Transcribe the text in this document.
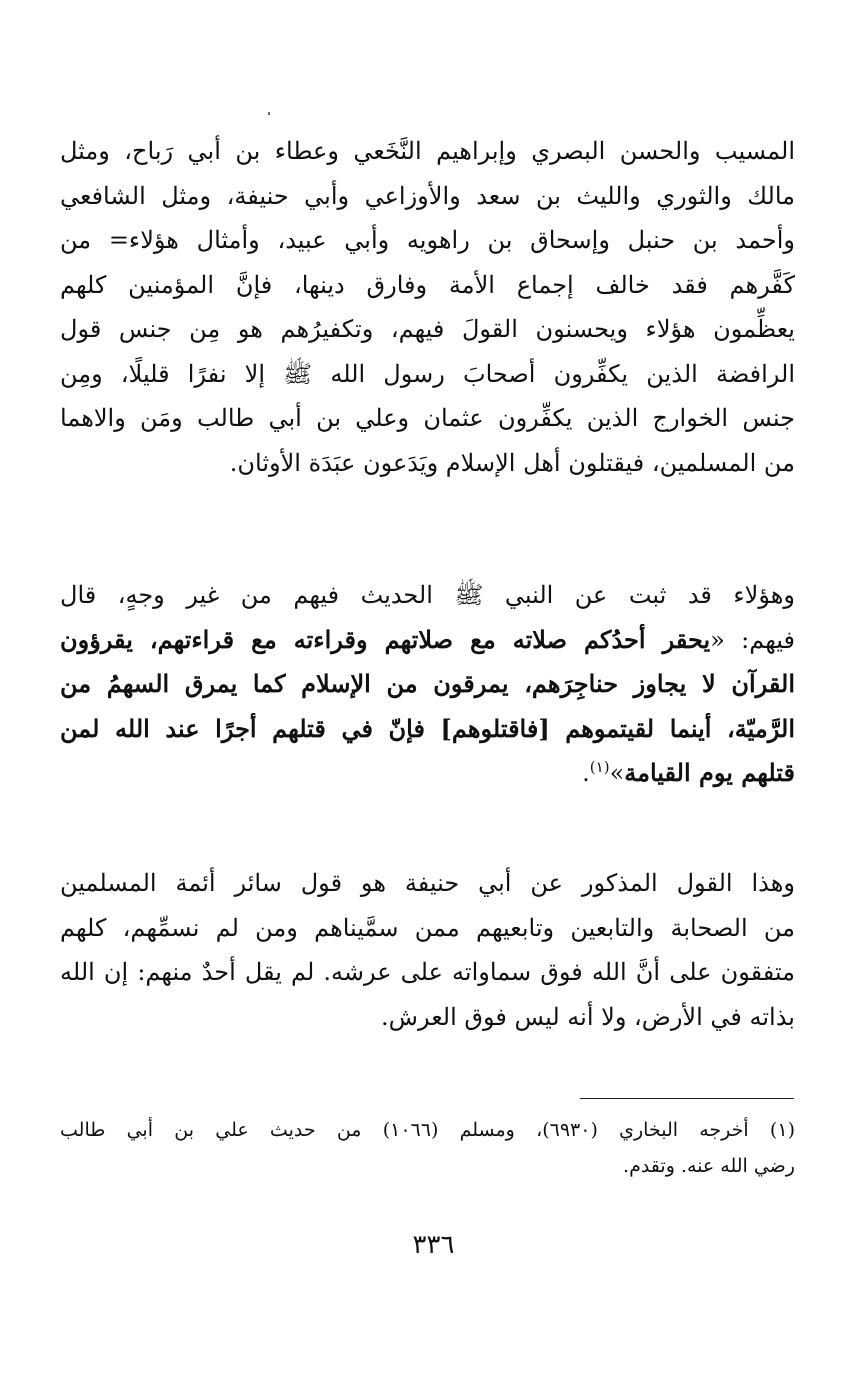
المسيب والحسن البصري وإبراهيم النَّخَعي وعطاء بن أبي رَباح، ومثل
مالك والثوري والليث بن سعد والأوزاعي وأبي حنيفة، ومثل الشافعي
وأحمد بن حنبل وإسحاق بن راهويه وأبي عبيد، وأمثال هؤلاء= من
كَفَّرهم فقد خالف إجماع الأمة وفارق دينها، فإنَّ المؤمنين كلهم
يعظِّمون هؤلاء ويحسنون القولَ فيهم، وتكفيرُهم هو مِن جنس قول
الرافضة الذين يكفِّرون أصحابَ رسول الله ﷺ إلا نفرًا قليلًا، ومِن
جنس الخوارج الذين يكفِّرون عثمان وعلي بن أبي طالب ومَن والاهما
من المسلمين، فيقتلون أهل الإسلام ويَدَعون عبَدَة الأوثان.

وهؤلاء قد ثبت عن النبي ﷺ الحديث فيهم من غير وجهٍ، قال
فيهم: «يحقر أحدُكم صلاته مع صلاتهم وقراءته مع قراءتهم، يقرؤون
القرآن لا يجاوز حناجِرَهم، يمرقون من الإسلام كما يمرق السهمُ من
الرَّميّة، أينما لقيتموهم [فاقتلوهم] فإنّ في قتلهم أجرًا عند الله لمن
قتلهم يوم القيامة»$^{(١)}$.

وهذا القول المذكور عن أبي حنيفة هو قول سائر أئمة المسلمين
من الصحابة والتابعين وتابعيهم ممن سمَّيناهم ومن لم نسمِّهم، كلهم
متفقون على أنَّ الله فوق سماواته على عرشه. لم يقل أحدٌ منهم: إن الله
بذاته في الأرض، ولا أنه ليس فوق العرش.

(١) أخرجه البخاري (٦٩٣٠)، ومسلم (١٠٦٦) من حديث علي بن أبي طالب
رضي الله عنه. وتقدم.
٣٣٦
